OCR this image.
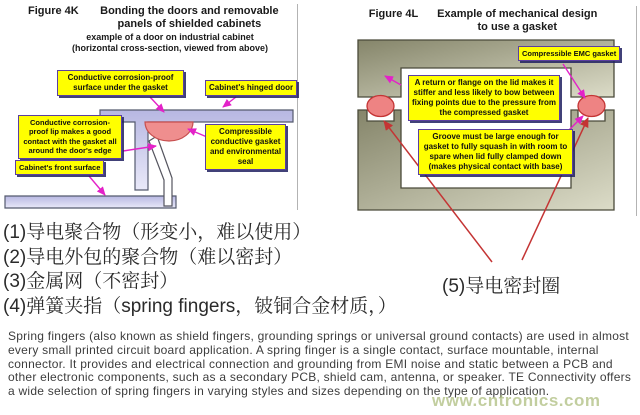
Figure 4K	Bonding the doors and removable panels of shielded cabinets
example of a door on industrial cabinet
(horizontal cross-section, viewed from above)
Conductive corrosion-proof surface under the gasket	Cabinet's hinged door
Conductive corrosion-proof lip makes a good contact with the gasket all around the door's edge
Compressible conductive gasket and environmental seal
Cabinet's front surface
Figure 4L	Example of mechanical design to use a gasket
Compressible EMC gasket
A return or flange on the lid makes it stiffer and less likely to bow between fixing points due to the pressure from the compressed gasket
Groove must be large enough for gasket to fully squash in with room to spare when lid fully clamped down (makes physical contact with base)
(1)导电聚合物（形变小，难以使用）
(2)导电外包的聚合物（难以密封）
(3)金属网（不密封）
(4)弹簧夹指（spring fingers，铍铜合金材质，）
(5)导电密封圈
Spring fingers (also known as shield fingers, grounding springs or universal ground contacts) are used in almost every small printed circuit board application. A spring finger is a single contact, surface mountable, internal connector. It provides and electrical connection and grounding from EMI noise and static between a PCB and other electronic components, such as a secondary PCB, shield cam, antenna, or speaker. TE Connectivity offers a wide selection of spring fingers in varying styles and sizes depending on the type of application.
www.cntronics.com
